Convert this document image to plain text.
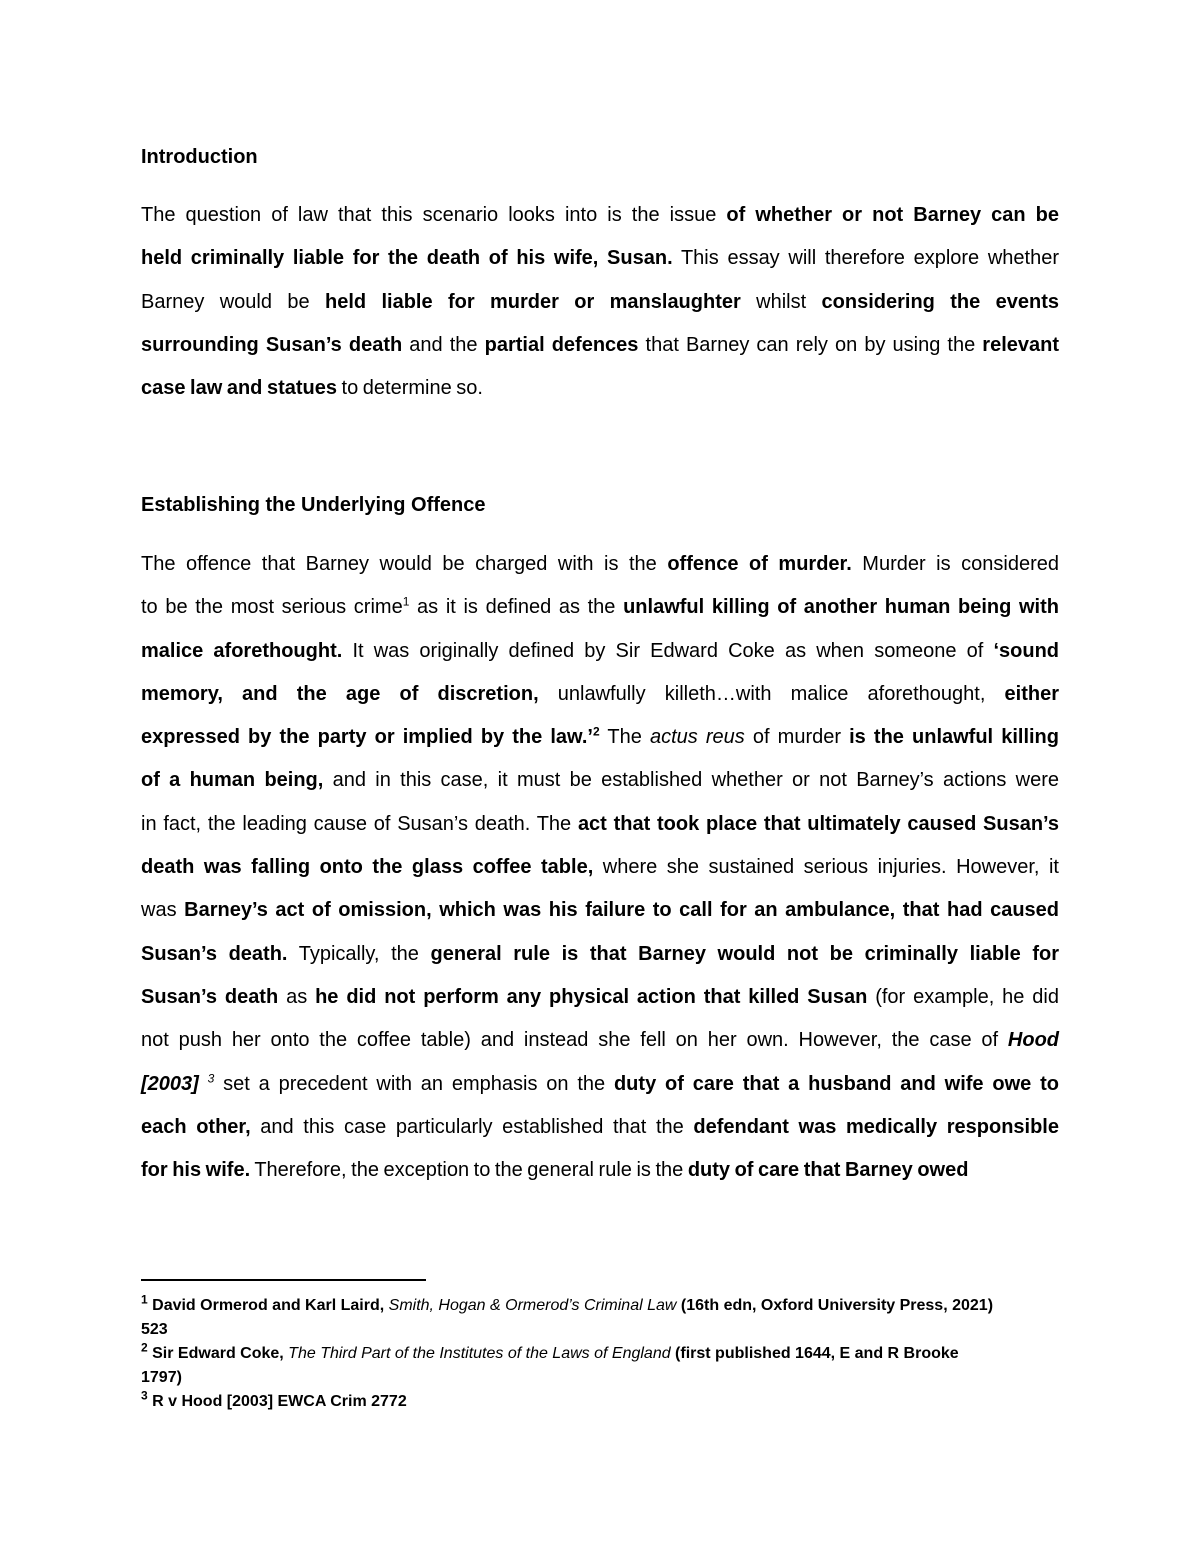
Introduction
The question of law that this scenario looks into is the issue of whether or not Barney can be
held criminally liable for the death of his wife, Susan. This essay will therefore explore whether
Barney would be held liable for murder or manslaughter whilst considering the events
surrounding Susan’s death and the partial defences that Barney can rely on by using the relevant
case law and statues to determine so.
Establishing the Underlying Offence
The offence that Barney would be charged with is the offence of murder. Murder is considered
to be the most serious crime$^1$ as it is defined as the unlawful killing of another human being with
malice aforethought. It was originally defined by Sir Edward Coke as when someone of ‘sound
memory, and the age of discretion, unlawfully killeth…with malice aforethought, either
expressed by the party or implied by the law.’$^2$ The actus reus of murder is the unlawful killing
of a human being, and in this case, it must be established whether or not Barney’s actions were
in fact, the leading cause of Susan’s death. The act that took place that ultimately caused Susan’s
death was falling onto the glass coffee table, where she sustained serious injuries. However, it
was Barney’s act of omission, which was his failure to call for an ambulance, that had caused
Susan’s death. Typically, the general rule is that Barney would not be criminally liable for
Susan’s death as he did not perform any physical action that killed Susan (for example, he did
not push her onto the coffee table) and instead she fell on her own. However, the case of Hood
[2003] $^3$ set a precedent with an emphasis on the duty of care that a husband and wife owe to
each other, and this case particularly established that the defendant was medically responsible
for his wife. Therefore, the exception to the general rule is the duty of care that Barney owed
$^1$ David Ormerod and Karl Laird, Smith, Hogan & Ormerod’s Criminal Law (16th edn, Oxford University Press, 2021)
523
$^2$ Sir Edward Coke, The Third Part of the Institutes of the Laws of England (first published 1644, E and R Brooke
1797)
$^3$ R v Hood [2003] EWCA Crim 2772
